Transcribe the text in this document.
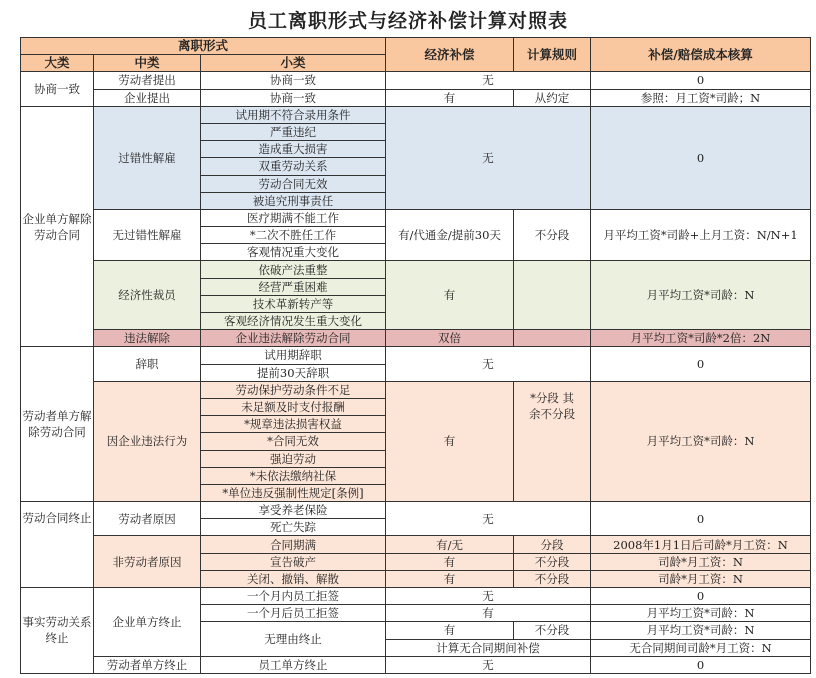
员工离职形式与经济补偿计算对照表
离职形式			经济补偿	计算规则	补偿/赔偿成本核算
大类	中类	小类			
协商一致	劳动者提出	协商一致	无		0
	企业提出	协商一致	有	从约定	参照：月工资*司龄；N
企业单方解除劳动合同	过错性解雇	试用期不符合录用条件	无		0
		严重违纪			
		造成重大损害			
		双重劳动关系			
		劳动合同无效			
		被追究刑事责任			
	无过错性解雇	医疗期满不能工作	有/代通金/提前30天	不分段	月平均工资*司龄+上月工资：N/N+1
		*二次不胜任工作			
		客观情况重大变化			
	经济性裁员	依破产法重整	有		月平均工资*司龄：N
		经营严重困难			
		技术革新转产等			
		客观经济情况发生重大变化			
	违法解除	企业违法解除劳动合同	双倍		月平均工资*司龄*2倍：2N
劳动者单方解除劳动合同	辞职	试用期辞职	无		0
		提前30天辞职			
	因企业违法行为	劳动保护劳动条件不足	有	*分段 其余不分段	月平均工资*司龄：N
		未足额及时支付报酬			
		*规章违法损害权益			
		*合同无效			
		强迫劳动			
		*未依法缴纳社保			
		*单位违反强制性规定[条例]			
劳动合同终止	劳动者原因	享受养老保险	无		0
		死亡失踪			
	非劳动者原因	合同期满	有/无	分段	2008年1月1日后司龄*月工资：N
		宣告破产	有	不分段	司龄*月工资：N
		关闭、撤销、解散	有	不分段	司龄*月工资：N
事实劳动关系终止	企业单方终止	一个月内员工拒签	无		0
		一个月后员工拒签	有		月平均工资*司龄：N
		无理由终止	有	不分段	月平均工资*司龄：N
			计算无合同期间补偿		无合同期间司龄*月工资：N
	劳动者单方终止	员工单方终止	无		0
